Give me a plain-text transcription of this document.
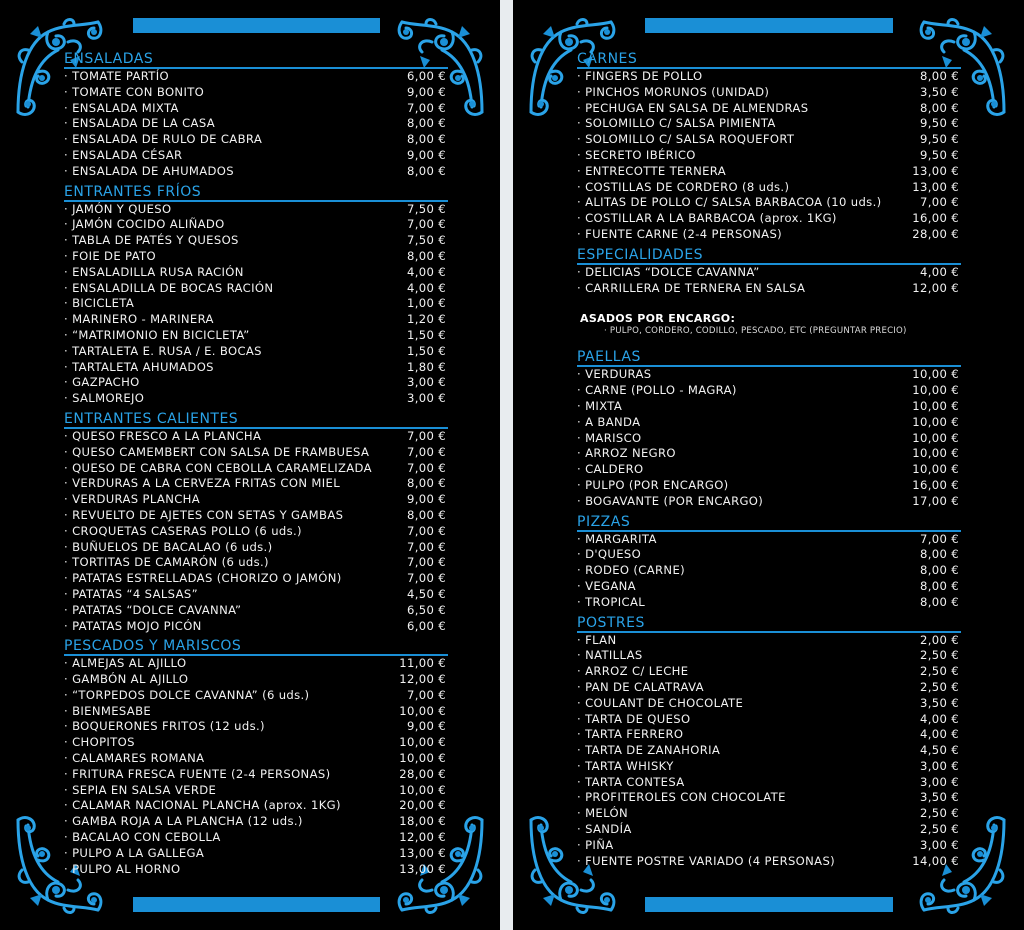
ENSALADAS
· TOMATE PARTÍO	6,00 €
· TOMATE CON BONITO	9,00 €
· ENSALADA MIXTA	7,00 €
· ENSALADA DE LA CASA	8,00 €
· ENSALADA DE RULO DE CABRA	8,00 €
· ENSALADA CÉSAR	9,00 €
· ENSALADA DE AHUMADOS	8,00 €
ENTRANTES FRÍOS
· JAMÓN Y QUESO	7,50 €
· JAMÓN COCIDO ALIÑADO	7,00 €
· TABLA DE PATÉS Y QUESOS	7,50 €
· FOIE DE PATO	8,00 €
· ENSALADILLA RUSA RACIÓN	4,00 €
· ENSALADILLA DE BOCAS RACIÓN	4,00 €
· BICICLETA	1,00 €
· MARINERO - MARINERA	1,20 €
· “MATRIMONIO EN BICICLETA”	1,50 €
· TARTALETA E. RUSA / E. BOCAS	1,50 €
· TARTALETA AHUMADOS	1,80 €
· GAZPACHO	3,00 €
· SALMOREJO	3,00 €
ENTRANTES CALIENTES
· QUESO FRESCO A LA PLANCHA	7,00 €
· QUESO CAMEMBERT CON SALSA DE FRAMBUESA	7,00 €
· QUESO DE CABRA CON CEBOLLA CARAMELIZADA	7,00 €
· VERDURAS A LA CERVEZA FRITAS CON MIEL	8,00 €
· VERDURAS PLANCHA	9,00 €
· REVUELTO DE AJETES CON SETAS Y GAMBAS	8,00 €
· CROQUETAS CASERAS POLLO (6 uds.)	7,00 €
· BUÑUELOS DE BACALAO (6 uds.)	7,00 €
· TORTITAS DE CAMARÓN (6 uds.)	7,00 €
· PATATAS ESTRELLADAS (CHORIZO O JAMÓN)	7,00 €
· PATATAS “4 SALSAS”	4,50 €
· PATATAS “DOLCE CAVANNA”	6,50 €
· PATATAS MOJO PICÓN	6,00 €
PESCADOS Y MARISCOS
· ALMEJAS AL AJILLO	11,00 €
· GAMBÓN AL AJILLO	12,00 €
· “TORPEDOS DOLCE CAVANNA” (6 uds.)	7,00 €
· BIENMESABE	10,00 €
· BOQUERONES FRITOS (12 uds.)	9,00 €
· CHOPITOS	10,00 €
· CALAMARES ROMANA	10,00 €
· FRITURA FRESCA FUENTE (2-4 PERSONAS)	28,00 €
· SEPIA EN SALSA VERDE	10,00 €
· CALAMAR NACIONAL PLANCHA (aprox. 1KG)	20,00 €
· GAMBA ROJA A LA PLANCHA (12 uds.)	18,00 €
· BACALAO CON CEBOLLA	12,00 €
· PULPO A LA GALLEGA	13,00 €
· PULPO AL HORNO	13,00 €
CARNES
· FINGERS DE POLLO	8,00 €
· PINCHOS MORUNOS (UNIDAD)	3,50 €
· PECHUGA EN SALSA DE ALMENDRAS	8,00 €
· SOLOMILLO C/ SALSA PIMIENTA	9,50 €
· SOLOMILLO C/ SALSA ROQUEFORT	9,50 €
· SECRETO IBÉRICO	9,50 €
· ENTRECOTTE TERNERA	13,00 €
· COSTILLAS DE CORDERO (8 uds.)	13,00 €
· ALITAS DE POLLO C/ SALSA BARBACOA (10 uds.)	7,00 €
· COSTILLAR A LA BARBACOA (aprox. 1KG)	16,00 €
· FUENTE CARNE (2-4 PERSONAS)	28,00 €
ESPECIALIDADES
· DELICIAS “DOLCE CAVANNA”	4,00 €
· CARRILLERA DE TERNERA EN SALSA	12,00 €
ASADOS POR ENCARGO:
· PULPO, CORDERO, CODILLO, PESCADO, ETC (PREGUNTAR PRECIO)
PAELLAS
· VERDURAS	10,00 €
· CARNE (POLLO - MAGRA)	10,00 €
· MIXTA	10,00 €
· A BANDA	10,00 €
· MARISCO	10,00 €
· ARROZ NEGRO	10,00 €
· CALDERO	10,00 €
· PULPO (POR ENCARGO)	16,00 €
· BOGAVANTE (POR ENCARGO)	17,00 €
PIZZAS
· MARGARITA	7,00 €
· D'QUESO	8,00 €
· RODEO (CARNE)	8,00 €
· VEGANA	8,00 €
· TROPICAL	8,00 €
POSTRES
· FLAN	2,00 €
· NATILLAS	2,50 €
· ARROZ C/ LECHE	2,50 €
· PAN DE CALATRAVA	2,50 €
· COULANT DE CHOCOLATE	3,50 €
· TARTA DE QUESO	4,00 €
· TARTA FERRERO	4,00 €
· TARTA DE ZANAHORIA	4,50 €
· TARTA WHISKY	3,00 €
· TARTA CONTESA	3,00 €
· PROFITEROLES CON CHOCOLATE	3,50 €
· MELÓN	2,50 €
· SANDÍA	2,50 €
· PIÑA	3,00 €
· FUENTE POSTRE VARIADO (4 PERSONAS)	14,00 €
